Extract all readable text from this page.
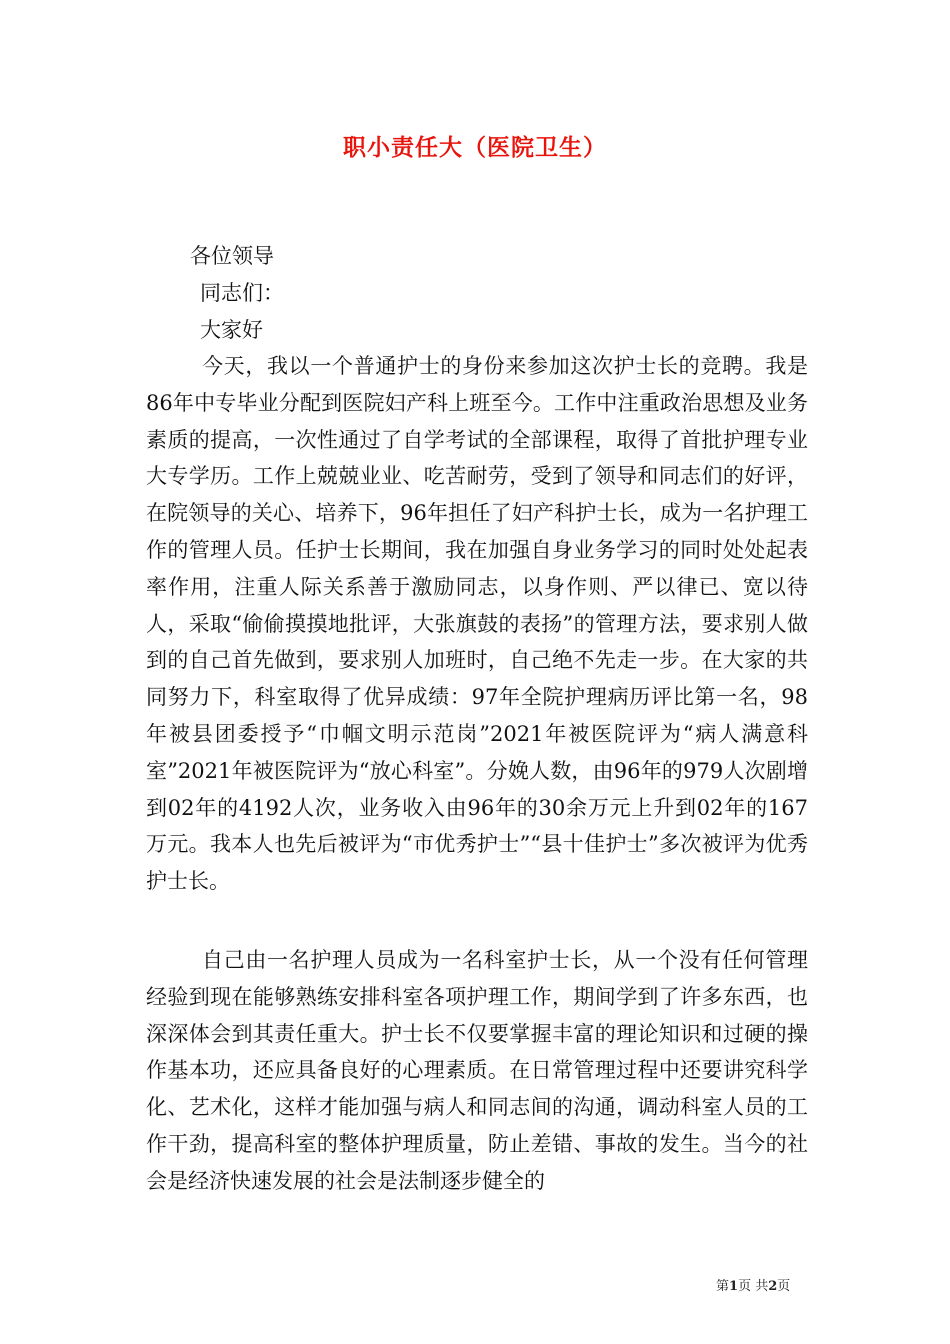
职小责任大（医院卫生）
各位领导
同志们：
大家好

今天，我以一个普通护士的身份来参加这次护士长的竞聘。我是86年中专毕业分配到医院妇产科上班至今。工作中注重政治思想及业务素质的提高，一次性通过了自学考试的全部课程，取得了首批护理专业大专学历。工作上兢兢业业、吃苦耐劳，受到了领导和同志们的好评，在院领导的关心、培养下，96年担任了妇产科护士长，成为一名护理工作的管理人员。任护士长期间，我在加强自身业务学习的同时处处起表率作用，注重人际关系善于激励同志，以身作则、严以律已、宽以待人，采取“偷偷摸摸地批评，大张旗鼓的表扬”的管理方法，要求别人做到的自己首先做到，要求别人加班时，自己绝不先走一步。在大家的共同努力下，科室取得了优异成绩：97年全院护理病历评比第一名，98年被县团委授予“巾帼文明示范岗”2021年被医院评为“病人满意科室”2021年被医院评为“放心科室”。分娩人数，由96年的979人次剧增到02年的4192人次，业务收入由96年的30余万元上升到02年的167万元。我本人也先后被评为“市优秀护士”“县十佳护士”多次被评为优秀护士长。

自己由一名护理人员成为一名科室护士长，从一个没有任何管理经验到现在能够熟练安排科室各项护理工作，期间学到了许多东西，也深深体会到其责任重大。护士长不仅要掌握丰富的理论知识和过硬的操作基本功，还应具备良好的心理素质。在日常管理过程中还要讲究科学化、艺术化，这样才能加强与病人和同志间的沟通，调动科室人员的工作干劲，提高科室的整体护理质量，防止差错、事故的发生。当今的社会是经济快速发展的社会是法制逐步健全的

第1页 共2页
